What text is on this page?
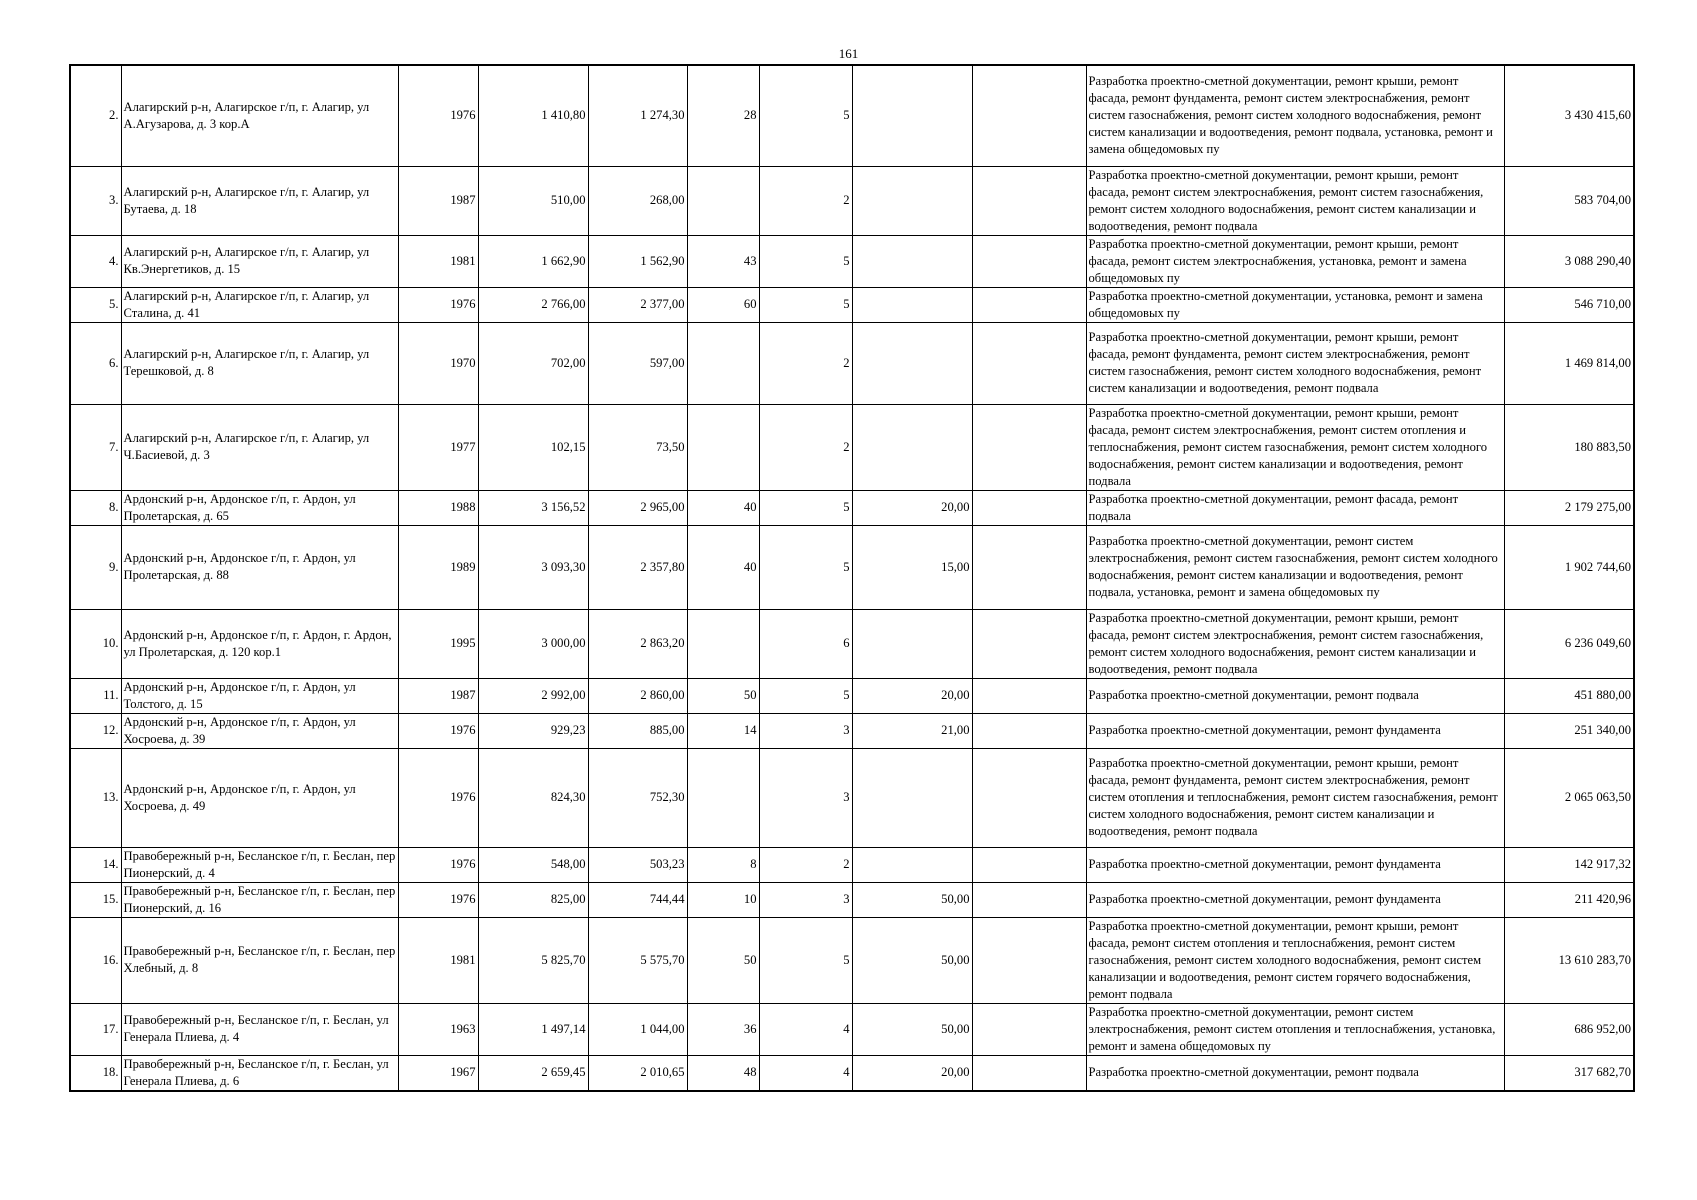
161
2.	Алагирский р-н, Алагирское г/п, г. Алагир, ул А.Агузарова, д. 3 кор.А	1976	1 410,80	1 274,30	28	5			Разработка проектно-сметной документации, ремонт крыши, ремонт фасада, ремонт фундамента, ремонт систем электроснабжения, ремонт систем газоснабжения, ремонт систем холодного водоснабжения, ремонт систем канализации и водоотведения, ремонт подвала, установка, ремонт и замена общедомовых пу	3 430 415,60
3.	Алагирский р-н, Алагирское г/п, г. Алагир, ул Бутаева, д. 18	1987	510,00	268,00		2			Разработка проектно-сметной документации, ремонт крыши, ремонт фасада, ремонт систем электроснабжения, ремонт систем газоснабжения, ремонт систем холодного водоснабжения, ремонт систем канализации и водоотведения, ремонт подвала	583 704,00
4.	Алагирский р-н, Алагирское г/п, г. Алагир, ул Кв.Энергетиков, д. 15	1981	1 662,90	1 562,90	43	5			Разработка проектно-сметной документации, ремонт крыши, ремонт фасада, ремонт систем электроснабжения, установка, ремонт и замена общедомовых пу	3 088 290,40
5.	Алагирский р-н, Алагирское г/п, г. Алагир, ул Сталина, д. 41	1976	2 766,00	2 377,00	60	5			Разработка проектно-сметной документации, установка, ремонт и замена общедомовых пу	546 710,00
6.	Алагирский р-н, Алагирское г/п, г. Алагир, ул Терешковой, д. 8	1970	702,00	597,00		2			Разработка проектно-сметной документации, ремонт крыши, ремонт фасада, ремонт фундамента, ремонт систем электроснабжения, ремонт систем газоснабжения, ремонт систем холодного водоснабжения, ремонт систем канализации и водоотведения, ремонт подвала	1 469 814,00
7.	Алагирский р-н, Алагирское г/п, г. Алагир, ул Ч.Басиевой, д. 3	1977	102,15	73,50		2			Разработка проектно-сметной документации, ремонт крыши, ремонт фасада, ремонт систем электроснабжения, ремонт систем отопления и теплоснабжения, ремонт систем газоснабжения, ремонт систем холодного водоснабжения, ремонт систем канализации и водоотведения, ремонт подвала	180 883,50
8.	Ардонский р-н, Ардонское г/п, г. Ардон, ул Пролетарская, д. 65	1988	3 156,52	2 965,00	40	5	20,00		Разработка проектно-сметной документации, ремонт фасада, ремонт подвала	2 179 275,00
9.	Ардонский р-н, Ардонское г/п, г. Ардон, ул Пролетарская, д. 88	1989	3 093,30	2 357,80	40	5	15,00		Разработка проектно-сметной документации, ремонт систем электроснабжения, ремонт систем газоснабжения, ремонт систем холодного водоснабжения, ремонт систем канализации и водоотведения, ремонт подвала, установка, ремонт и замена общедомовых пу	1 902 744,60
10.	Ардонский р-н, Ардонское г/п, г. Ардон, г. Ардон, ул Пролетарская, д. 120 кор.1	1995	3 000,00	2 863,20		6			Разработка проектно-сметной документации, ремонт крыши, ремонт фасада, ремонт систем электроснабжения, ремонт систем газоснабжения, ремонт систем холодного водоснабжения, ремонт систем канализации и водоотведения, ремонт подвала	6 236 049,60
11.	Ардонский р-н, Ардонское г/п, г. Ардон, ул Толстого, д. 15	1987	2 992,00	2 860,00	50	5	20,00		Разработка проектно-сметной документации, ремонт подвала	451 880,00
12.	Ардонский р-н, Ардонское г/п, г. Ардон, ул Хосроева, д. 39	1976	929,23	885,00	14	3	21,00		Разработка проектно-сметной документации, ремонт фундамента	251 340,00
13.	Ардонский р-н, Ардонское г/п, г. Ардон, ул Хосроева, д. 49	1976	824,30	752,30		3			Разработка проектно-сметной документации, ремонт крыши, ремонт фасада, ремонт фундамента, ремонт систем электроснабжения, ремонт систем отопления и теплоснабжения, ремонт систем газоснабжения, ремонт систем холодного водоснабжения, ремонт систем канализации и водоотведения, ремонт подвала	2 065 063,50
14.	Правобережный р-н, Бесланское г/п, г. Беслан, пер Пионерский, д. 4	1976	548,00	503,23	8	2			Разработка проектно-сметной документации, ремонт фундамента	142 917,32
15.	Правобережный р-н, Бесланское г/п, г. Беслан, пер Пионерский, д. 16	1976	825,00	744,44	10	3	50,00		Разработка проектно-сметной документации, ремонт фундамента	211 420,96
16.	Правобережный р-н, Бесланское г/п, г. Беслан, пер Хлебный, д. 8	1981	5 825,70	5 575,70	50	5	50,00		Разработка проектно-сметной документации, ремонт крыши, ремонт фасада, ремонт систем отопления и теплоснабжения, ремонт систем газоснабжения, ремонт систем холодного водоснабжения, ремонт систем канализации и водоотведения, ремонт систем горячего водоснабжения, ремонт подвала	13 610 283,70
17.	Правобережный р-н, Бесланское г/п, г. Беслан, ул Генерала Плиева, д. 4	1963	1 497,14	1 044,00	36	4	50,00		Разработка проектно-сметной документации, ремонт систем электроснабжения, ремонт систем отопления и теплоснабжения, установка, ремонт и замена общедомовых пу	686 952,00
18.	Правобережный р-н, Бесланское г/п, г. Беслан, ул Генерала Плиева, д. 6	1967	2 659,45	2 010,65	48	4	20,00		Разработка проектно-сметной документации, ремонт подвала	317 682,70
